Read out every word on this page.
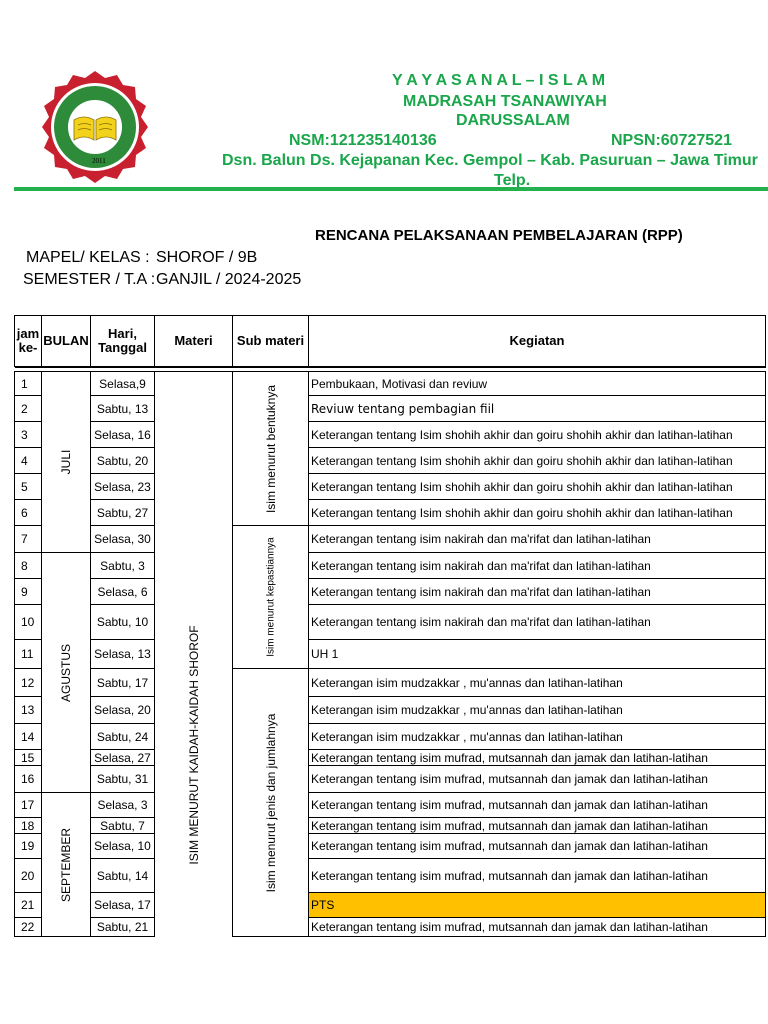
2011
Y A Y A S A N A L – I S L A M
MADRASAH TSANAWIYAH
DARUSSALAM
NSM:121235140136	NPSN:60727521
Dsn. Balun Ds. Kejapanan Kec. Gempol – Kab. Pasuruan – Jawa Timur
Telp.
RENCANA PELAKSANAAN PEMBELAJARAN (RPP)
MAPEL/ KELAS : SHOROF / 9B
SEMESTER / T.A : GANJIL / 2024-2025
jam ke-	BULAN	Hari, Tanggal	Materi	Sub materi	Kegiatan

1	JULI	Selasa,9	ISIM MENURUT KAIDAH-KAIDAH SHOROF	Isim menurut bentuknya	Pembukaan, Motivasi dan reviuw
2		Sabtu, 13			Reviuw tentang pembagian fiil
3		Selasa, 16			Keterangan tentang Isim shohih akhir dan goiru shohih akhir dan latihan-latihan
4		Sabtu, 20			Keterangan tentang Isim shohih akhir dan goiru shohih akhir dan latihan-latihan
5		Selasa, 23			Keterangan tentang Isim shohih akhir dan goiru shohih akhir dan latihan-latihan
6		Sabtu, 27			Keterangan tentang Isim shohih akhir dan goiru shohih akhir dan latihan-latihan
7		Selasa, 30		Isim menurut kepastiannya	Keterangan tentang isim nakirah dan ma'rifat dan latihan-latihan
8	AGUSTUS	Sabtu, 3			Keterangan tentang isim nakirah dan ma'rifat dan latihan-latihan
9		Selasa, 6			Keterangan tentang isim nakirah dan ma'rifat dan latihan-latihan
10		Sabtu, 10			Keterangan tentang isim nakirah dan ma'rifat dan latihan-latihan
11		Selasa, 13			UH 1
12		Sabtu, 17		Isim menurut jenis dan jumlahnya	Keterangan isim mudzakkar , mu'annas dan latihan-latihan
13		Selasa, 20			Keterangan isim mudzakkar , mu'annas dan latihan-latihan
14		Sabtu, 24			Keterangan isim mudzakkar , mu'annas dan latihan-latihan
15		Selasa, 27			Keterangan tentang isim mufrad, mutsannah dan jamak dan latihan-latihan
16		Sabtu, 31			Keterangan tentang isim mufrad, mutsannah dan jamak dan latihan-latihan
17	SEPTEMBER	Selasa, 3			Keterangan tentang isim mufrad, mutsannah dan jamak dan latihan-latihan
18		Sabtu, 7			Keterangan tentang isim mufrad, mutsannah dan jamak dan latihan-latihan
19		Selasa, 10			Keterangan tentang isim mufrad, mutsannah dan jamak dan latihan-latihan
20		Sabtu, 14			Keterangan tentang isim mufrad, mutsannah dan jamak dan latihan-latihan
21		Selasa, 17			PTS
22		Sabtu, 21			Keterangan tentang isim mufrad, mutsannah dan jamak dan latihan-latihan
